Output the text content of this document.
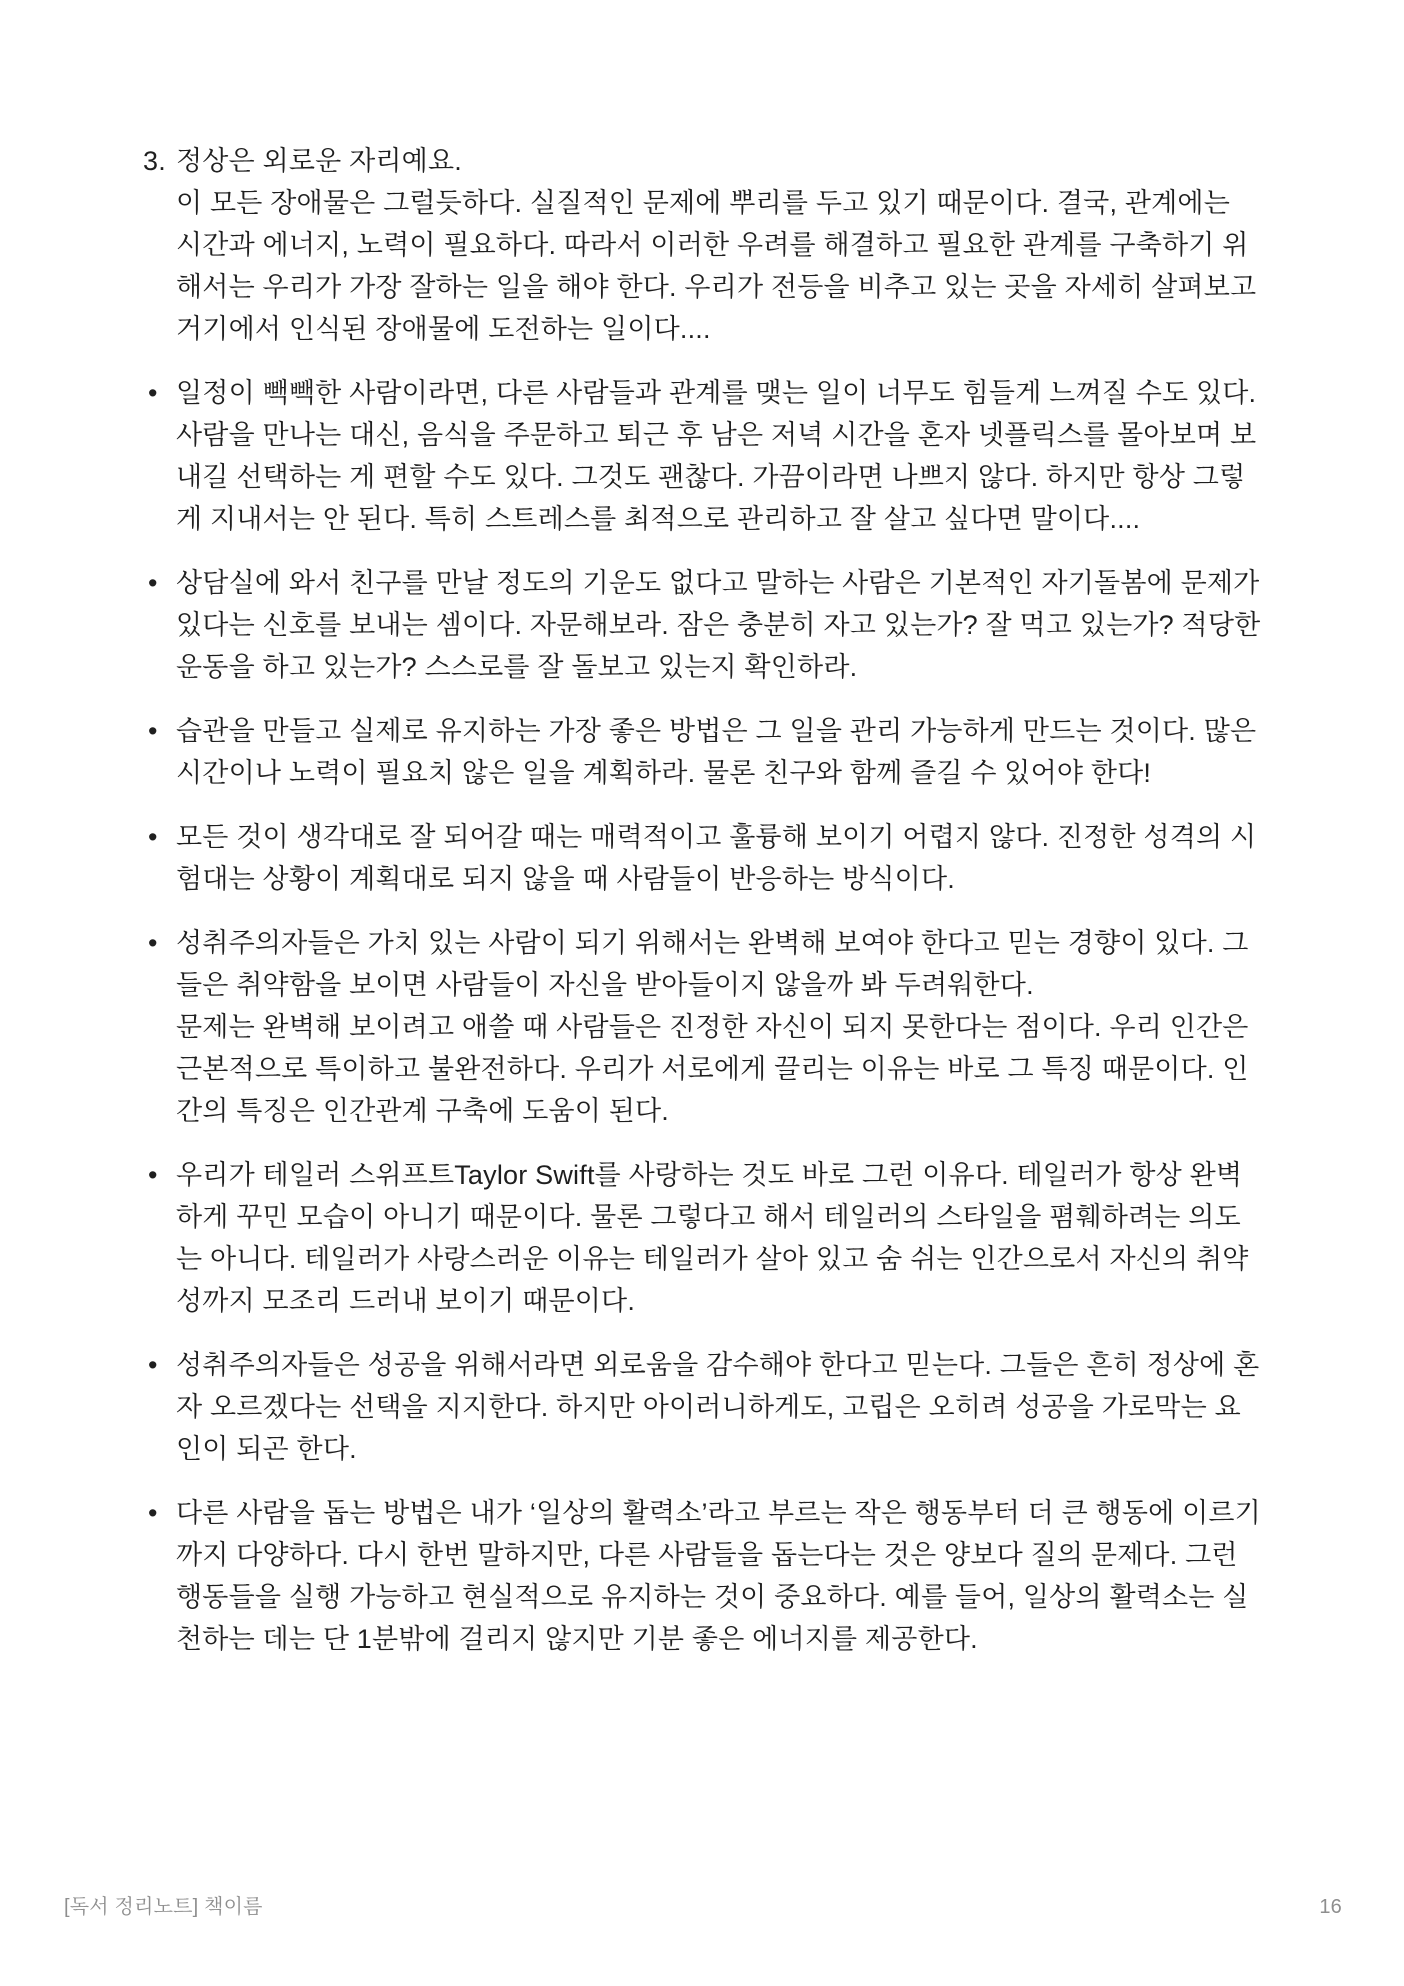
3. 정상은 외로운 자리예요.

이 모든 장애물은 그럴듯하다. 실질적인 문제에 뿌리를 두고 있기 때문이다. 결국, 관계에는 시간과 에너지, 노력이 필요하다. 따라서 이러한 우려를 해결하고 필요한 관계를 구축하기 위해서는 우리가 가장 잘하는 일을 해야 한다. 우리가 전등을 비추고 있는 곳을 자세히 살펴보고 거기에서 인식된 장애물에 도전하는 일이다....

• 일정이 빽빽한 사람이라면, 다른 사람들과 관계를 맺는 일이 너무도 힘들게 느껴질 수도 있다.

사람을 만나는 대신, 음식을 주문하고 퇴근 후 남은 저녁 시간을 혼자 넷플릭스를 몰아보며 보내길 선택하는 게 편할 수도 있다. 그것도 괜찮다. 가끔이라면 나쁘지 않다. 하지만 항상 그렇게 지내서는 안 된다. 특히 스트레스를 최적으로 관리하고 잘 살고 싶다면 말이다....

• 상담실에 와서 친구를 만날 정도의 기운도 없다고 말하는 사람은 기본적인 자기돌봄에 문제가 있다는 신호를 보내는 셈이다. 자문해보라. 잠은 충분히 자고 있는가? 잘 먹고 있는가? 적당한 운동을 하고 있는가? 스스로를 잘 돌보고 있는지 확인하라.

• 습관을 만들고 실제로 유지하는 가장 좋은 방법은 그 일을 관리 가능하게 만드는 것이다. 많은 시간이나 노력이 필요치 않은 일을 계획하라. 물론 친구와 함께 즐길 수 있어야 한다!

• 모든 것이 생각대로 잘 되어갈 때는 매력적이고 훌륭해 보이기 어렵지 않다. 진정한 성격의 시험대는 상황이 계획대로 되지 않을 때 사람들이 반응하는 방식이다.

• 성취주의자들은 가치 있는 사람이 되기 위해서는 완벽해 보여야 한다고 믿는 경향이 있다. 그들은 취약함을 보이면 사람들이 자신을 받아들이지 않을까 봐 두려워한다.

문제는 완벽해 보이려고 애쓸 때 사람들은 진정한 자신이 되지 못한다는 점이다. 우리 인간은 근본적으로 특이하고 불완전하다. 우리가 서로에게 끌리는 이유는 바로 그 특징 때문이다. 인간의 특징은 인간관계 구축에 도움이 된다.

• 우리가 테일러 스위프트Taylor Swift를 사랑하는 것도 바로 그런 이유다. 테일러가 항상 완벽하게 꾸민 모습이 아니기 때문이다. 물론 그렇다고 해서 테일러의 스타일을 폄훼하려는 의도는 아니다. 테일러가 사랑스러운 이유는 테일러가 살아 있고 숨 쉬는 인간으로서 자신의 취약성까지 모조리 드러내 보이기 때문이다.

• 성취주의자들은 성공을 위해서라면 외로움을 감수해야 한다고 믿는다. 그들은 흔히 정상에 혼자 오르겠다는 선택을 지지한다. 하지만 아이러니하게도, 고립은 오히려 성공을 가로막는 요인이 되곤 한다.

• 다른 사람을 돕는 방법은 내가 ‘일상의 활력소’라고 부르는 작은 행동부터 더 큰 행동에 이르기까지 다양하다. 다시 한번 말하지만, 다른 사람들을 돕는다는 것은 양보다 질의 문제다. 그런 행동들을 실행 가능하고 현실적으로 유지하는 것이 중요하다. 예를 들어, 일상의 활력소는 실천하는 데는 단 1분밖에 걸리지 않지만 기분 좋은 에너지를 제공한다.

[독서 정리노트] 책이름	16
